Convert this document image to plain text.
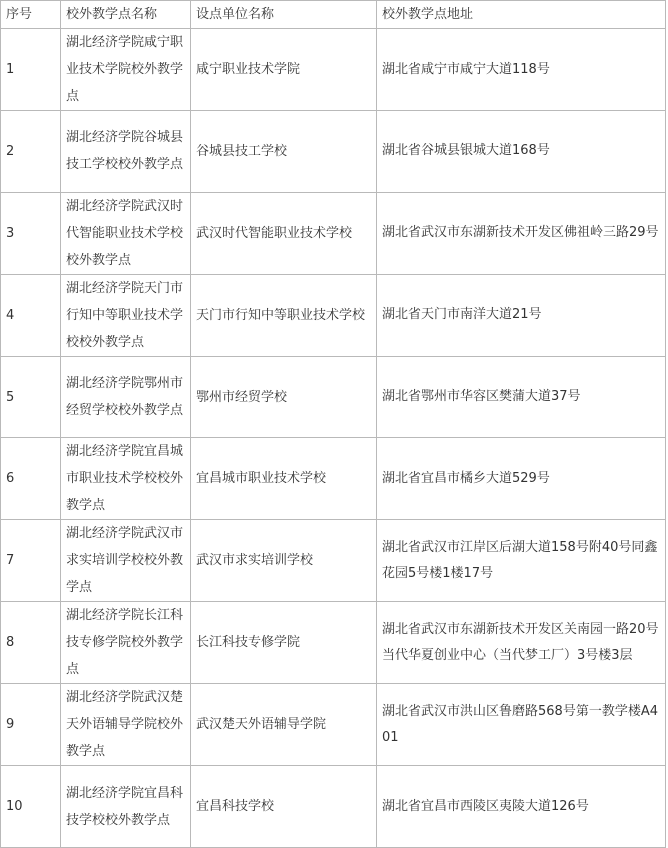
序号	校外教学点名称	设点单位名称	校外教学点地址
1	湖北经济学院咸宁职业技术学院校外教学点	咸宁职业技术学院	湖北省咸宁市咸宁大道118号
2	湖北经济学院谷城县技工学校校外教学点	谷城县技工学校	湖北省谷城县银城大道168号
3	湖北经济学院武汉时代智能职业技术学校校外教学点	武汉时代智能职业技术学校	湖北省武汉市东湖新技术开发区佛祖岭三路29号
4	湖北经济学院天门市行知中等职业技术学校校外教学点	天门市行知中等职业技术学校	湖北省天门市南洋大道21号
5	湖北经济学院鄂州市经贸学校校外教学点	鄂州市经贸学校	湖北省鄂州市华容区樊蒲大道37号
6	湖北经济学院宜昌城市职业技术学校校外教学点	宜昌城市职业技术学校	湖北省宜昌市橘乡大道529号
7	湖北经济学院武汉市求实培训学校校外教学点	武汉市求实培训学校	湖北省武汉市江岸区后湖大道158号附40号同鑫花园5号楼1楼17号
8	湖北经济学院长江科技专修学院校外教学点	长江科技专修学院	湖北省武汉市东湖新技术开发区关南园一路20号当代华夏创业中心（当代梦工厂）3号楼3层
9	湖北经济学院武汉楚天外语辅导学院校外教学点	武汉楚天外语辅导学院	湖北省武汉市洪山区鲁磨路568号第一教学楼A401
10	湖北经济学院宜昌科技学校校外教学点	宜昌科技学校	湖北省宜昌市西陵区夷陵大道126号
